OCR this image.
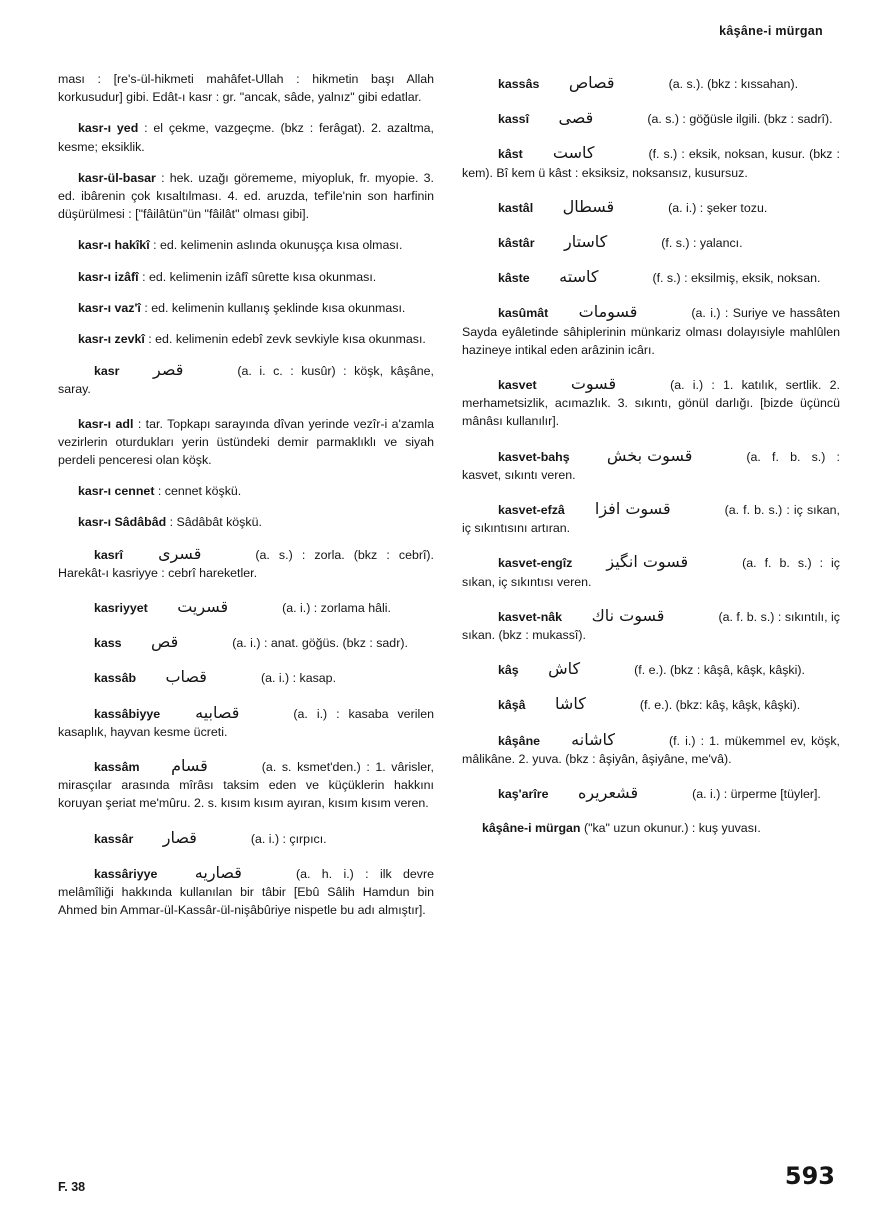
kâşâne-i mürgan

ması : [re's-ül-hikmeti mahâfet-Ullah : hikmetin başı Allah korkusudur] gibi. Edât-ı kasr : gr. "ancak, sâde, yalnız" gibi edatlar.

kasr-ı yed : el çekme, vazgeçme. (bkz : ferâgat). 2. azaltma, kesme; eksiklik.

kasr-ül-basar : hek. uzağı görememe, miyopluk, fr. myopie. 3. ed. ibârenin çok kısaltılması. 4. ed. aruzda, tef'ile'nin son harfinin düşürülmesi : ["fâilâtün"ün "fâilât" olması gibi].

kasr-ı hakîkî : ed. kelimenin aslında okunuşça kısa olması.

kasr-ı izâfî : ed. kelimenin izâfî sûrette kısa okunması.

kasr-ı vaz'î : ed. kelimenin kullanış şeklinde kısa okunması.

kasr-ı zevkî : ed. kelimenin edebî zevk sevkiyle kısa okunması.

kasr قصر	(a. i. c. : kusûr) : köşk, kâşâne, saray.

kasr-ı adl : tar. Topkapı sarayında dîvan yerinde vezîr-i a'zamla vezirlerin oturdukları yerin üstündeki demir parmaklıklı ve siyah perdeli penceresi olan köşk.

kasr-ı cennet : cennet köşkü.

kasr-ı Sâdâbâd : Sâdâbât köşkü.

kasrî قسرى	(a. s.) : zorla. (bkz : cebrî). Harekât-ı kasriyye : cebrî hareketler.

kasriyyet قسريت	(a. i.) : zorlama hâli.

kass قص	(a. i.) : anat. göğüs. (bkz : sadr).

kassâb قصاب	(a. i.) : kasap.

kassâbiyye قصابيه	(a. i.) : kasaba verilen kasaplık, hayvan kesme ücreti.

kassâm قسام	(a. s. ksmet'den.) : 1. vârisler, mirasçılar arasında mîrâsı taksim eden ve küçüklerin hakkını koruyan şeriat me'mûru. 2. s. kısım kısım ayıran, kısım kısım veren.

kassâr قصار	(a. i.) : çırpıcı.

kassâriyye قصاريه	(a. h. i.) : ilk devre melâmîliği hakkında kullanılan bir tâbir [Ebû Sâlih Hamdun bin Ahmed bin Ammar-ül-Kassâr-ül-nişâbûriye nispetle bu adı almıştır].

kassâs قصاص	(a. s.). (bkz : kıssahan).

kassî قصى	(a. s.) : göğüsle ilgili. (bkz : sadrî).

kâst كاست	(f. s.) : eksik, noksan, kusur. (bkz : kem). Bî kem ü kâst : eksiksiz, noksansız, kusursuz.

kastâl قسطال	(a. i.) : şeker tozu.

kâstâr كاستار	(f. s.) : yalancı.

kâste كاسته	(f. s.) : eksilmiş, eksik, noksan.

kasûmât قسومات	(a. i.) : Suriye ve hassâten Sayda eyâletinde sâhiplerinin münkariz olması dolayısiyle mahlûlen hazineye intikal eden arâzinin icârı.

kasvet قسوت	(a. i.) : 1. katılık, sertlik. 2. merhametsizlik, acımazlık. 3. sıkıntı, gönül darlığı. [bizde üçüncü mânâsı kullanılır].

kasvet-bahş قسوت بخش	(a. f. b. s.) : kasvet, sıkıntı veren.

kasvet-efzâ قسوت افزا	(a. f. b. s.) : iç sıkan, iç sıkıntısını artıran.

kasvet-engîz قسوت انگيز	(a. f. b. s.) : iç sıkan, iç sıkıntısı veren.

kasvet-nâk قسوت ناك	(a. f. b. s.) : sıkıntılı, iç sıkan. (bkz : mukassî).

kâş كاش	(f. e.). (bkz : kâşâ, kâşk, kâşki).

kâşâ كاشا	(f. e.). (bkz: kâş, kâşk, kâşki).

kâşâne كاشانه	(f. i.) : 1. mükemmel ev, köşk, mâlikâne. 2. yuva. (bkz : âşiyân, âşiyâne, me'vâ).

kaş'arîre قشعريره	(a. i.) : ürperme [tüyler].

kâşâne-i mürgan ("ka" uzun okunur.) : kuş yuvası.

F. 38	593
